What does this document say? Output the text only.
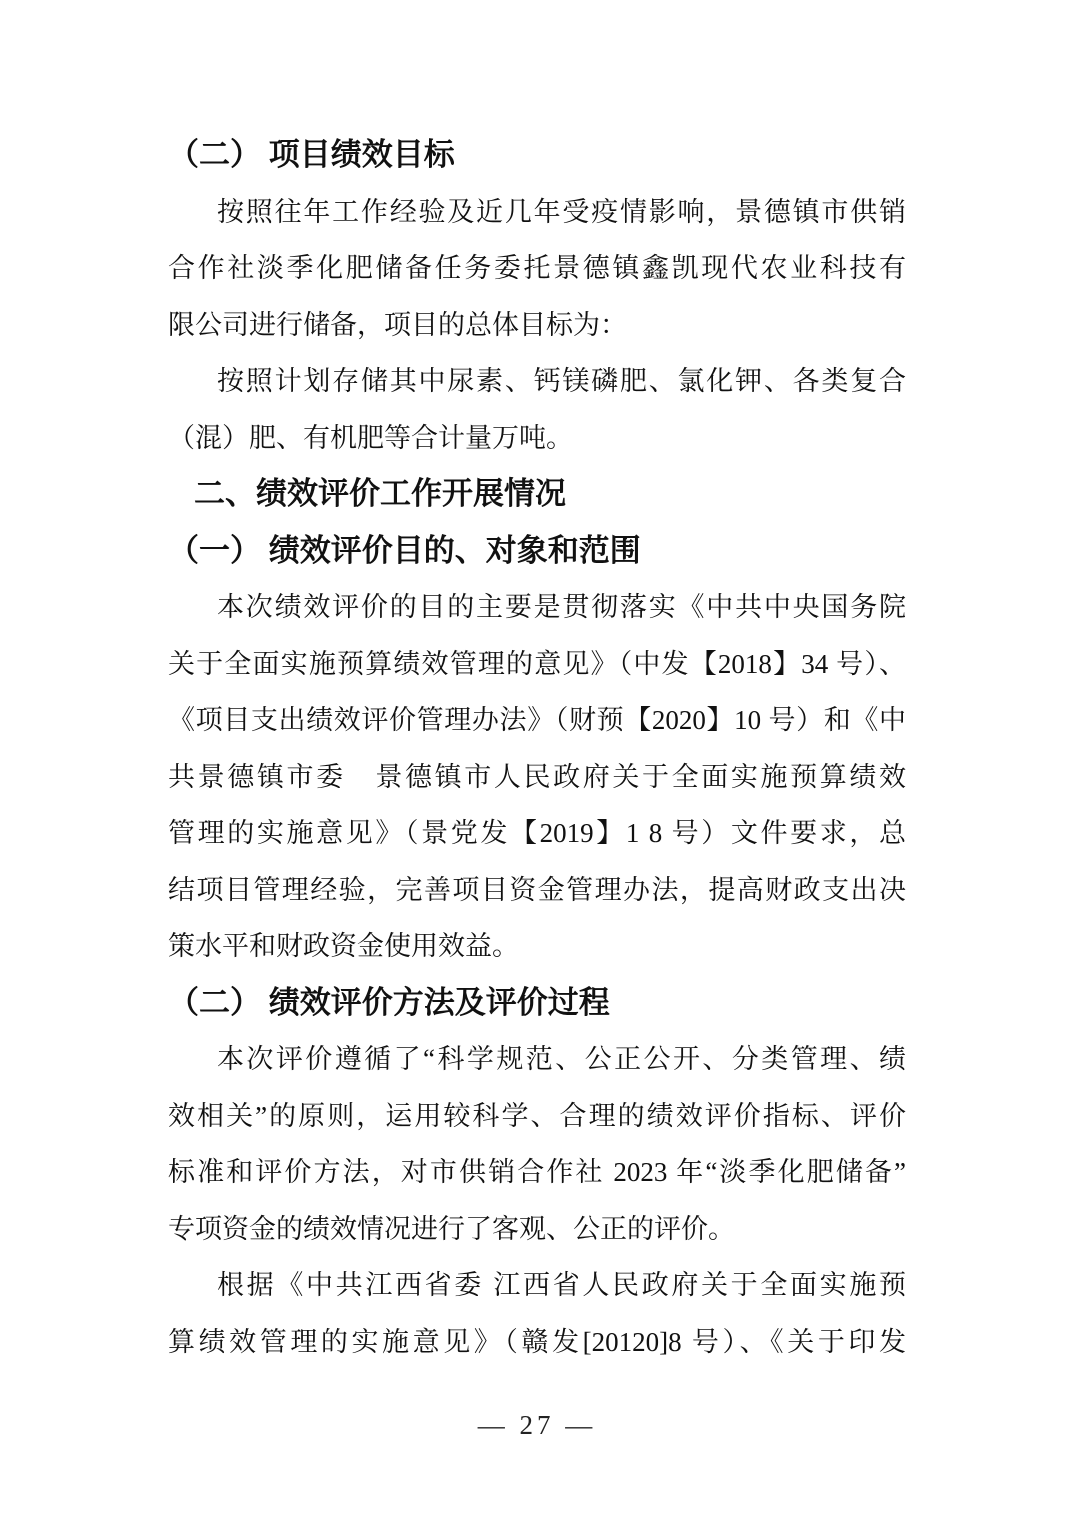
（二） 项目绩效目标
按照往年工作经验及近几年受疫情影响，景德镇市供销
合作社淡季化肥储备任务委托景德镇鑫凯现代农业科技有
限公司进行储备，项目的总体目标为：
按照计划存储其中尿素、钙镁磷肥、氯化钾、各类复合
（混）肥、有机肥等合计量万吨。
二、绩效评价工作开展情况
（一） 绩效评价目的、对象和范围
本次绩效评价的目的主要是贯彻落实《中共中央国务院
关于全面实施预算绩效管理的意见》（中发【2018】34 号）、
《项目支出绩效评价管理办法》（财预【2020】10 号）和《中
共景德镇市委　景德镇市人民政府关于全面实施预算绩效
管理的实施意见》（景党发【2019】1 8 号）文件要求，总
结项目管理经验，完善项目资金管理办法，提高财政支出决
策水平和财政资金使用效益。
（二） 绩效评价方法及评价过程
本次评价遵循了“科学规范、公正公开、分类管理、绩
效相关”的原则，运用较科学、合理的绩效评价指标、评价
标准和评价方法，对市供销合作社 2023 年“淡季化肥储备”
专项资金的绩效情况进行了客观、公正的评价。
根据《中共江西省委 江西省人民政府关于全面实施预
算绩效管理的实施意见》（赣发[20120]8 号）、《关于印发
— 27 —
